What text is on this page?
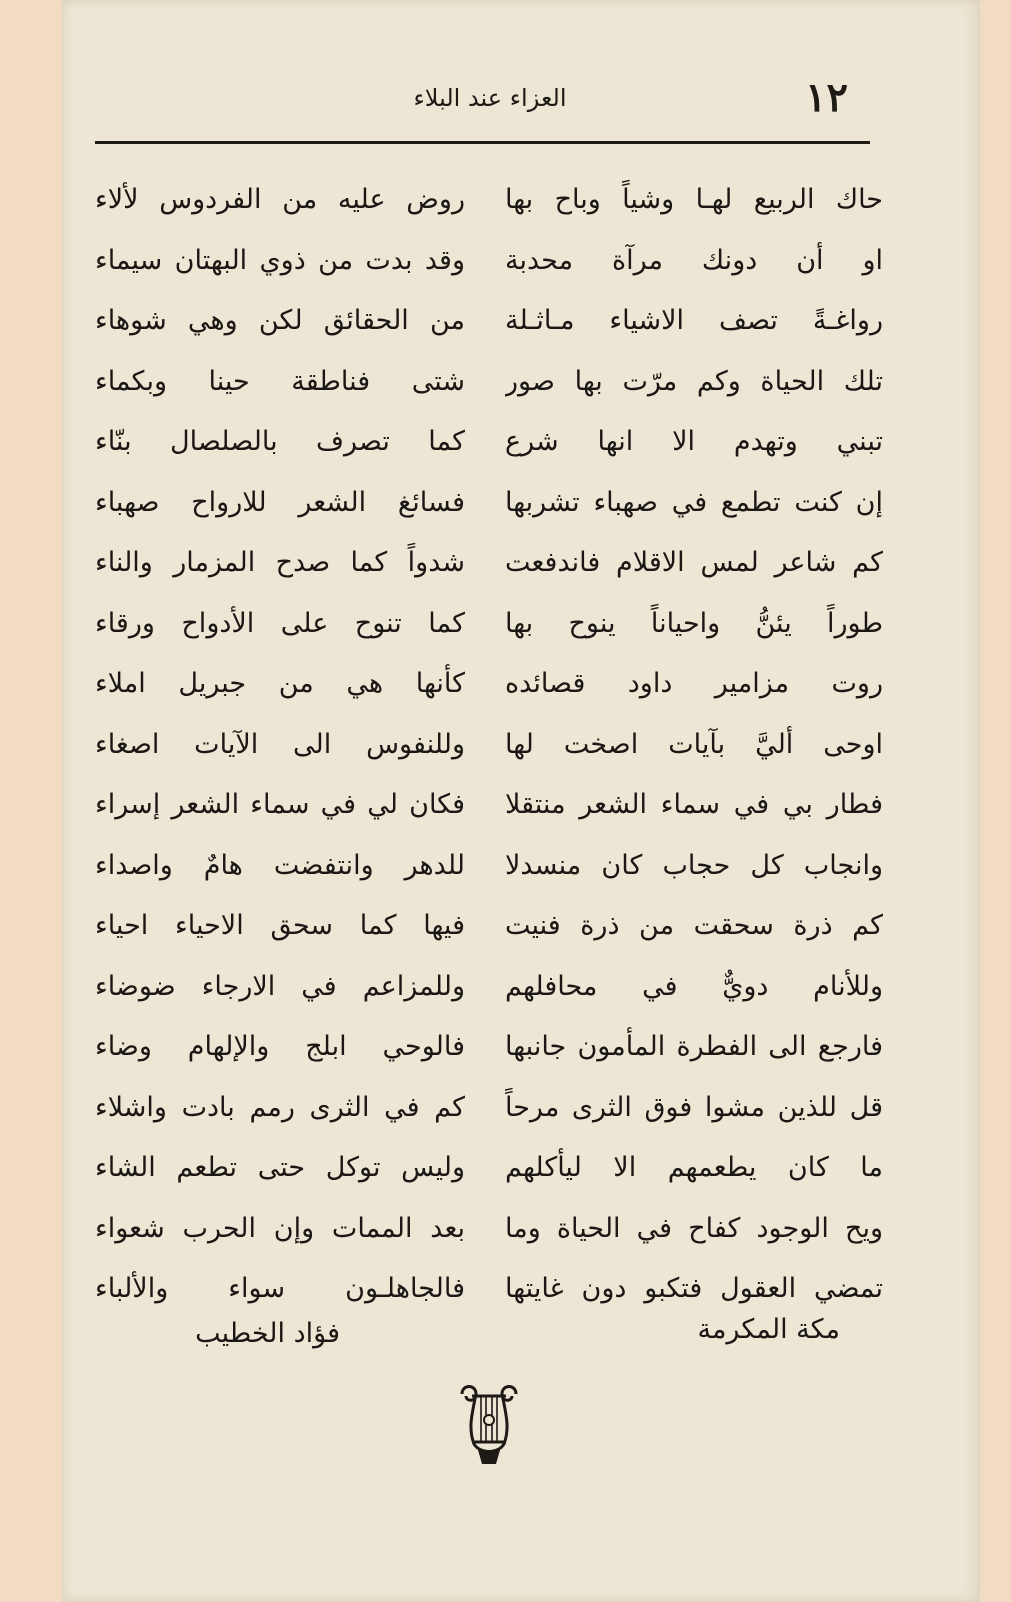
١٢
العزاء عند البلاء
حاك الربيع لهـا وشياً وباح بها
او أن دونك مرآة محدبة
رواغـةً تصف الاشياء مـاثـلة
تلك الحياة وكم مرّت بها صور
تبني وتهدم الا انها شرع
إن كنت تطمع في صهباء تشربها
كم شاعر لمس الاقلام فاندفعت
طوراً يئنُّ واحياناً ينوح بها
روت مزامير داود قصائده
اوحى أليَّ بآيات اصخت لها
فطار بي في سماء الشعر منتقلا
وانجاب كل حجاب كان منسدلا
كم ذرة سحقت من ذرة فنيت
وللأنام دويٌّ في محافلهم
فارجع الى الفطرة المأمون جانبها
قل للذين مشوا فوق الثرى مرحاً
ما كان يطعمهم الا ليأكلهم
ويح الوجود كفاح في الحياة وما
تمضي العقول فتكبو دون غايتها
روض عليه من الفردوس لألاء
وقد بدت من ذوي البهتان سيماء
من الحقائق لكن وهي شوهاء
شتى فناطقة حينا وبكماء
كما تصرف بالصلصال بنّاء
فسائغ الشعر للارواح صهباء
شدواً كما صدح المزمار والناء
كما تنوح على الأدواح ورقاء
كأنها هي من جبريل املاء
وللنفوس الى الآيات اصغاء
فكان لي في سماء الشعر إسراء
للدهر وانتفضت هامٌ واصداء
فيها كما سحق الاحياء احياء
وللمزاعم في الارجاء ضوضاء
فالوحي ابلج والإلهام وضاء
كم في الثرى رمم بادت واشلاء
وليس توكل حتى تطعم الشاء
بعد الممات وإن الحرب شعواء
فالجاهلـون سواء والألباء
مكة المكرمة
فؤاد الخطيب
